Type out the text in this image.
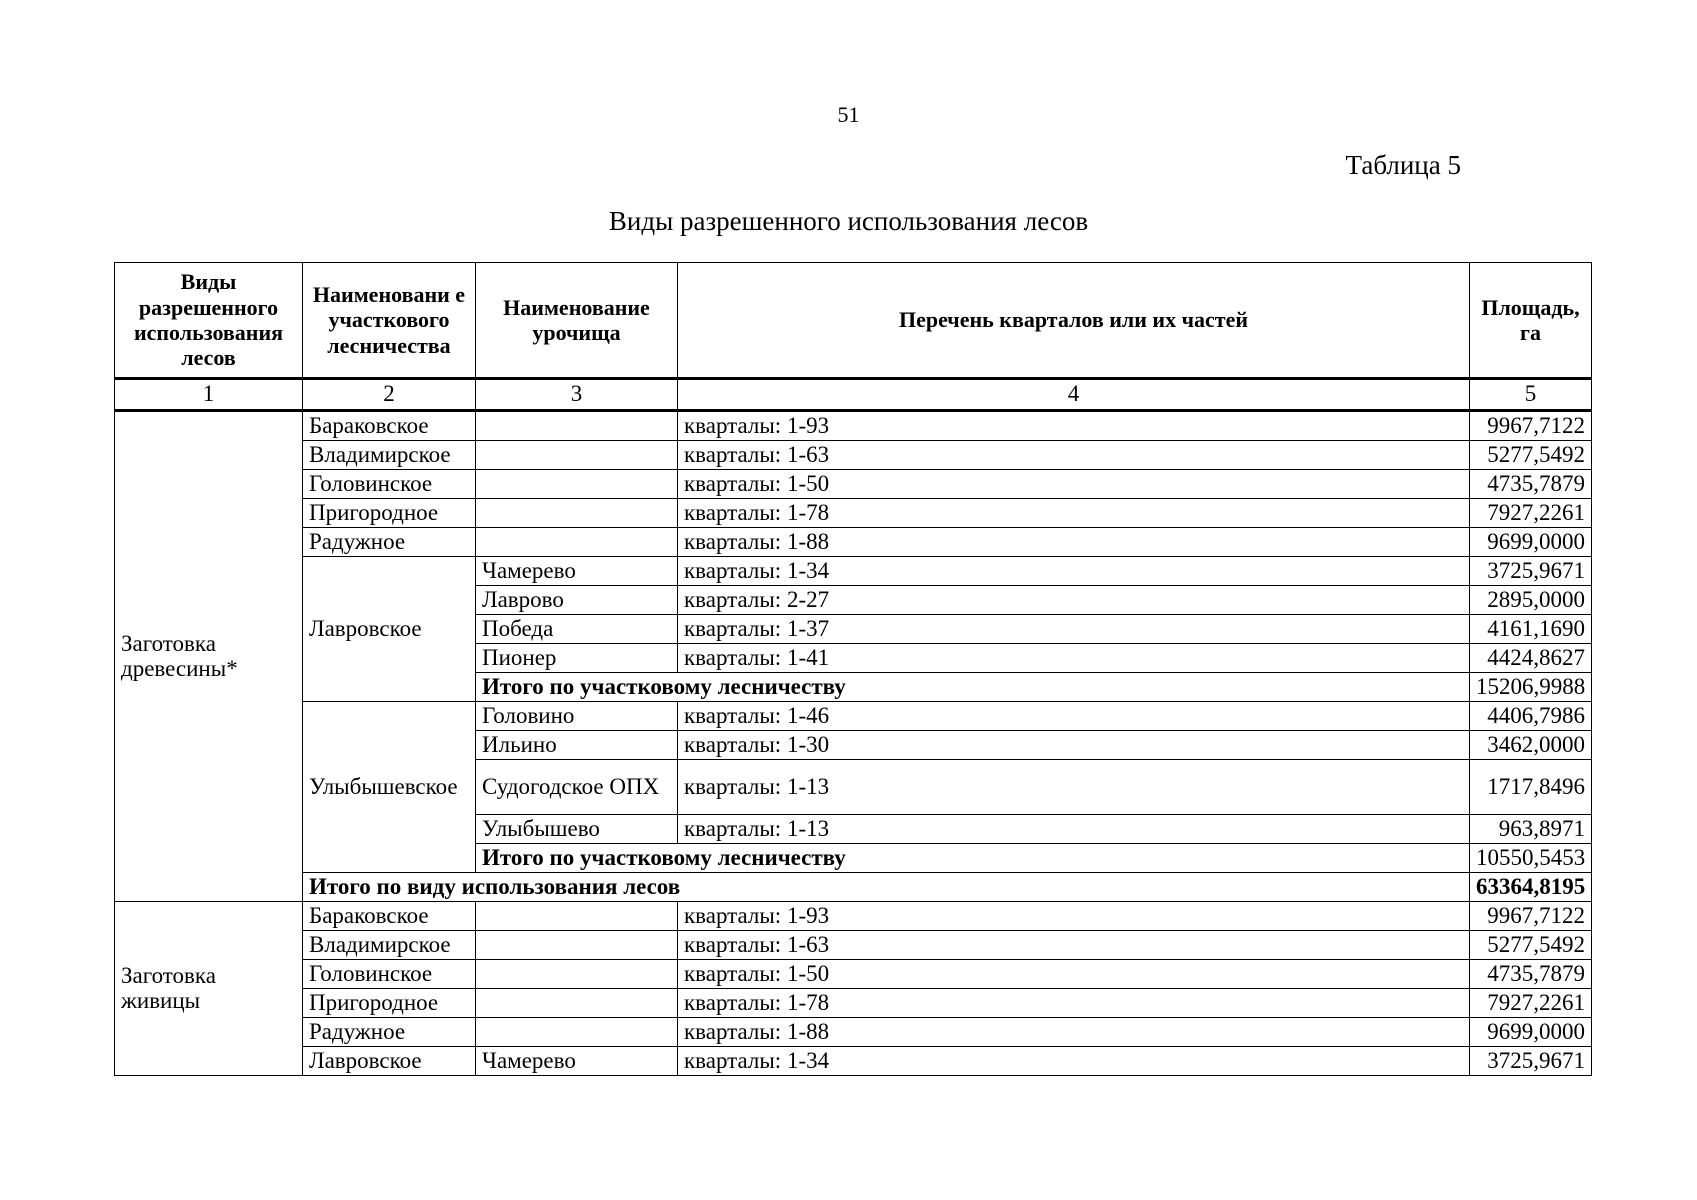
51
Таблица 5
Виды разрешенного использования лесов
Виды разрешенного использования лесов	Наименовани е участкового лесничества	Наименование урочища	Перечень кварталов или их частей	Площадь, га
1	2	3	4	5
Заготовка древесины*	Бараковское		кварталы: 1-93	9967,7122
	Владимирское		кварталы: 1-63	5277,5492
	Головинское		кварталы: 1-50	4735,7879
	Пригородное		кварталы: 1-78	7927,2261
	Радужное		кварталы: 1-88	9699,0000
	Лавровское	Чамерево	кварталы: 1-34	3725,9671
		Лаврово	кварталы: 2-27	2895,0000
		Победа	кварталы: 1-37	4161,1690
		Пионер	кварталы: 1-41	4424,8627
		Итого по участковому лесничеству		15206,9988
	Улыбышевское	Головино	кварталы: 1-46	4406,7986
		Ильино	кварталы: 1-30	3462,0000
		Судогодское ОПХ	кварталы: 1-13	1717,8496
		Улыбышево	кварталы: 1-13	963,8971
		Итого по участковому лесничеству		10550,5453
	Итого по виду использования лесов			63364,8195
Заготовка живицы	Бараковское		кварталы: 1-93	9967,7122
	Владимирское		кварталы: 1-63	5277,5492
	Головинское		кварталы: 1-50	4735,7879
	Пригородное		кварталы: 1-78	7927,2261
	Радужное		кварталы: 1-88	9699,0000
	Лавровское	Чамерево	кварталы: 1-34	3725,9671
